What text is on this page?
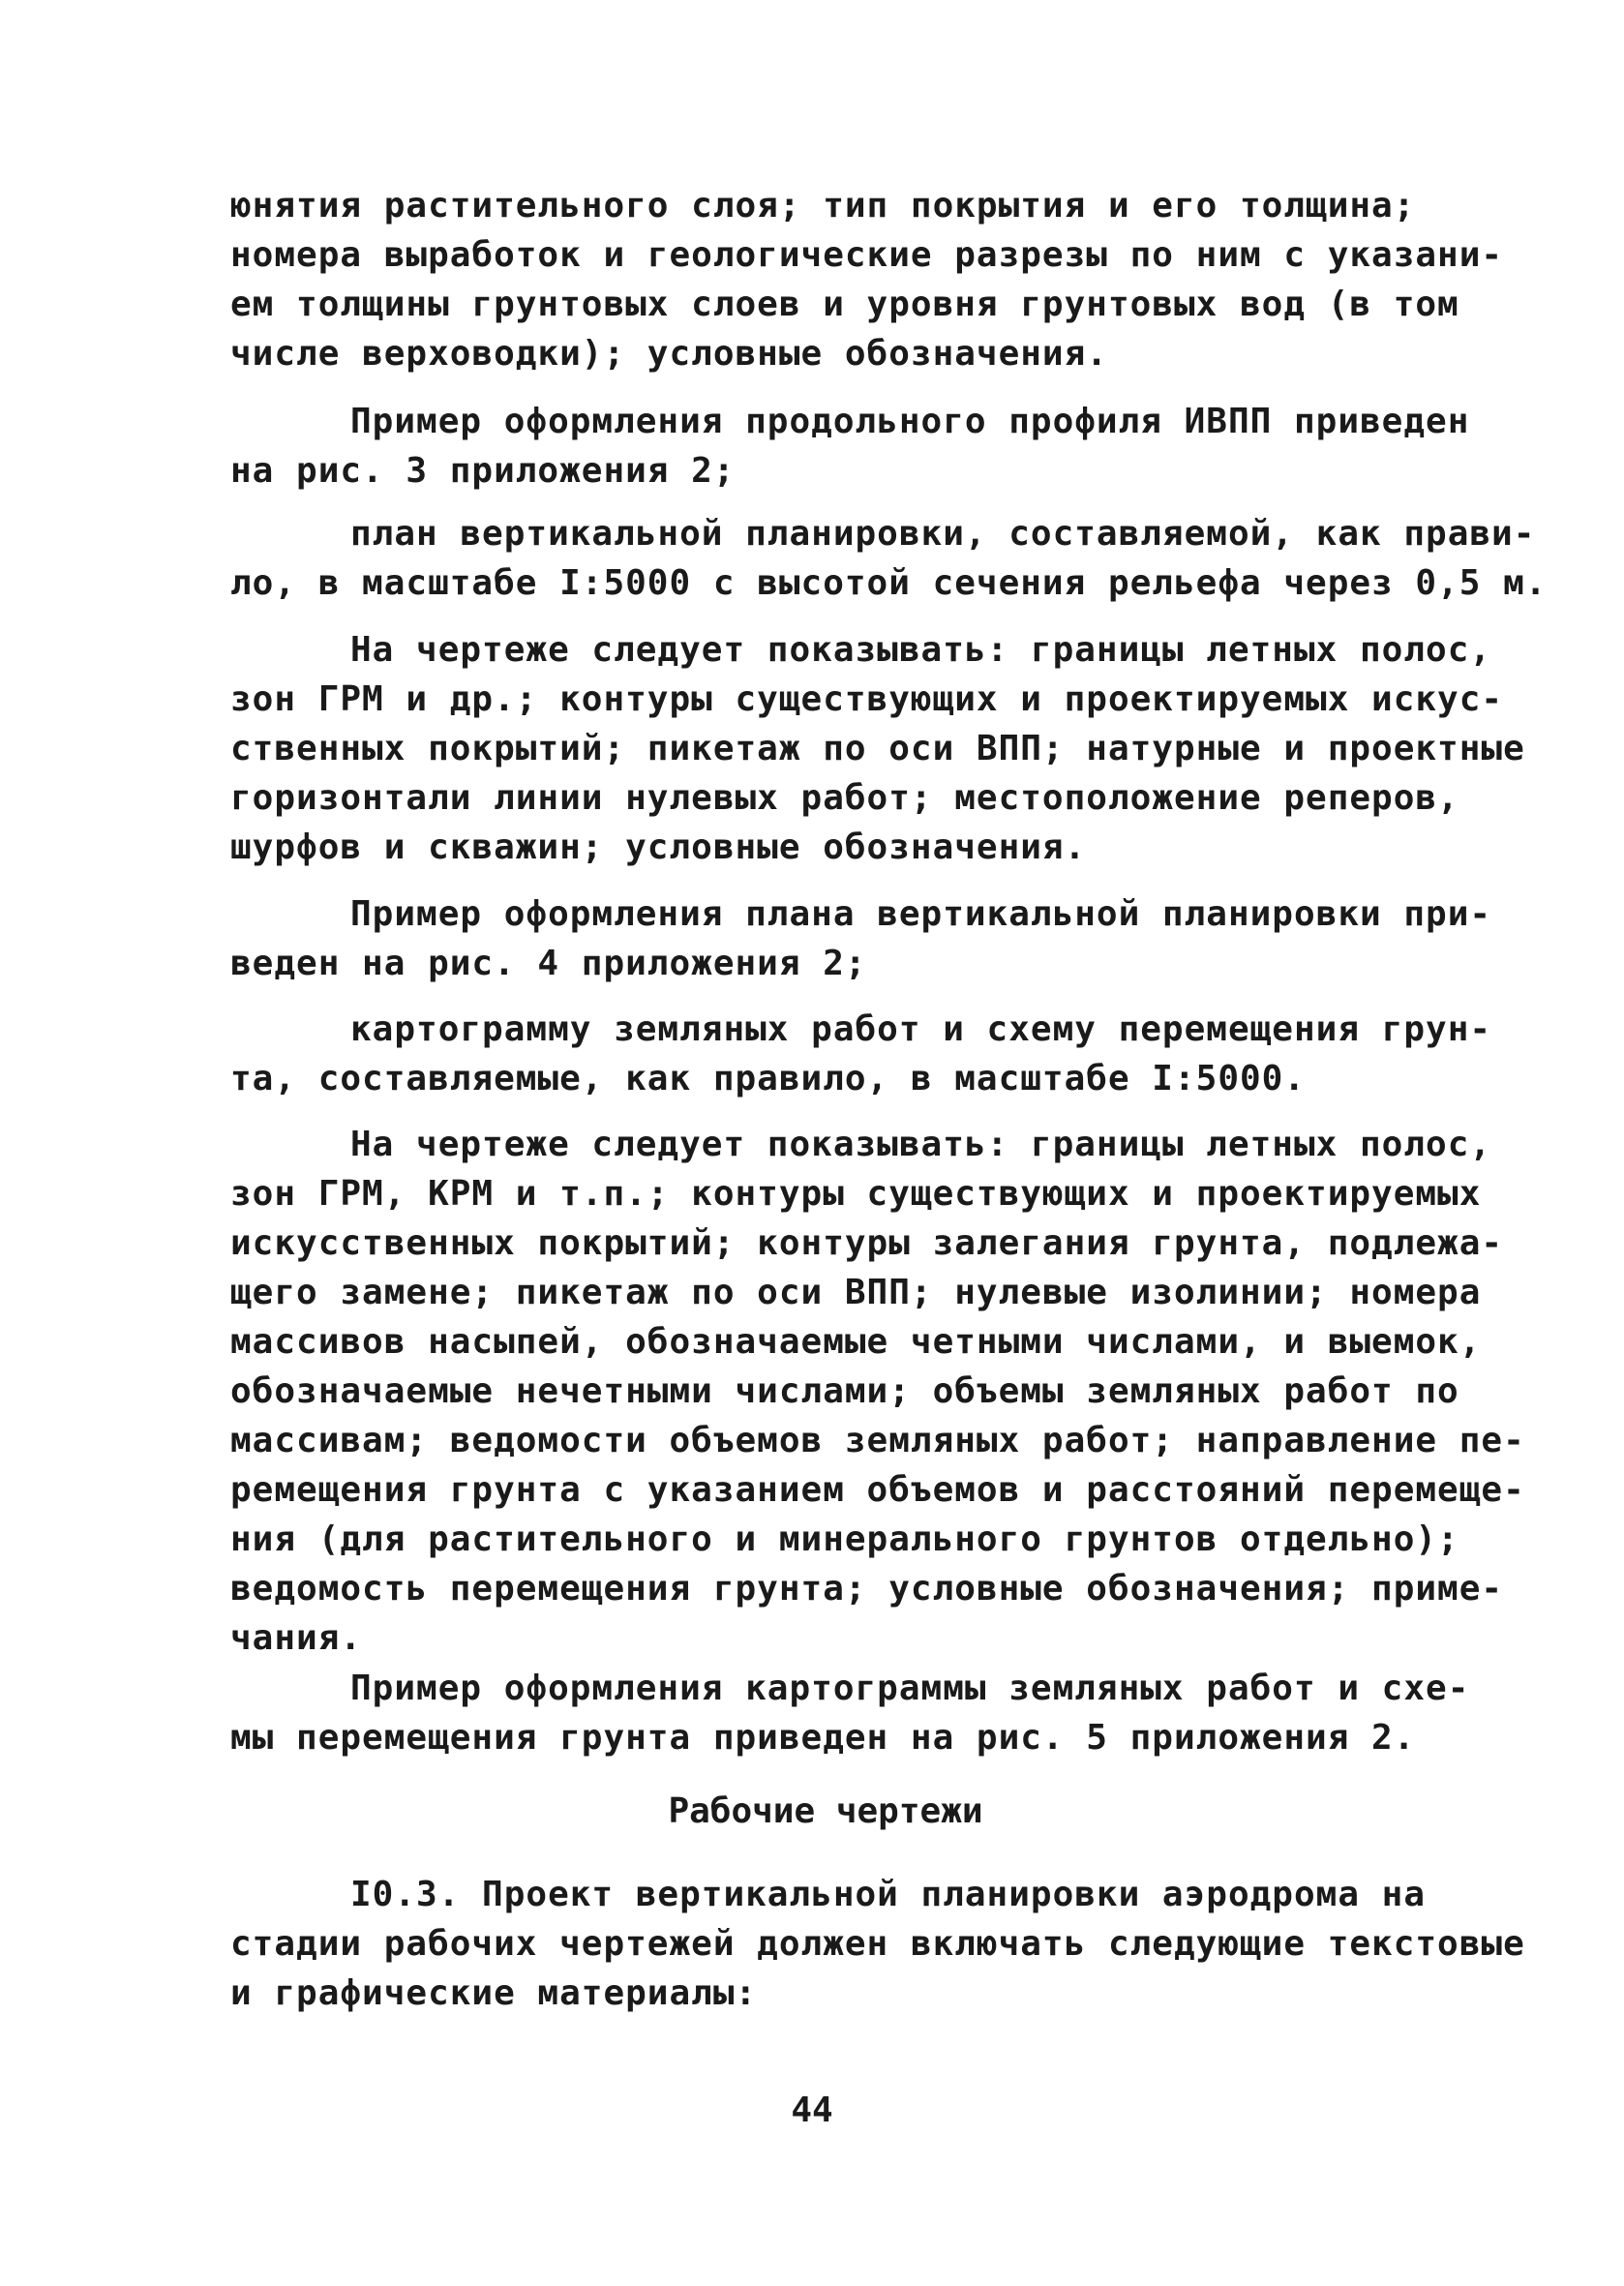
юнятия растительного слоя; тип покрытия и его толщина;
номера выработок и геологические разрезы по ним с указани-
ем толщины грунтовых слоев и уровня грунтовых вод (в том
числе верховодки); условные обозначения.
Пример оформления продольного профиля ИВПП приведен
на рис. 3 приложения 2;
план вертикальной планировки, составляемой, как прави-
ло, в масштабе I:5000 с высотой сечения рельефа через 0,5 м.
На чертеже следует показывать: границы летных полос,
зон ГРМ и др.; контуры существующих и проектируемых искус-
ственных покрытий; пикетаж по оси ВПП; натурные и проектные
горизонтали линии нулевых работ; местоположение реперов,
шурфов и скважин; условные обозначения.
Пример оформления плана вертикальной планировки при-
веден на рис. 4 приложения 2;
картограмму земляных работ и схему перемещения грун-
та, составляемые, как правило, в масштабе I:5000.
На чертеже следует показывать: границы летных полос,
зон ГРМ, КРМ и т.п.; контуры существующих и проектируемых
искусственных покрытий; контуры залегания грунта, подлежа-
щего замене; пикетаж по оси ВПП; нулевые изолинии; номера
массивов насыпей, обозначаемые четными числами, и выемок,
обозначаемые нечетными числами; объемы земляных работ по
массивам; ведомости объемов земляных работ; направление пе-
ремещения грунта с указанием объемов и расстояний перемеще-
ния (для растительного и минерального грунтов отдельно);
ведомость перемещения грунта; условные обозначения; приме-
чания.
Пример оформления картограммы земляных работ и схе-
мы перемещения грунта приведен на рис. 5 приложения 2.
Рабочие чертежи
I0.3. Проект вертикальной планировки аэродрома на
стадии рабочих чертежей должен включать следующие текстовые
и графические материалы:
44
